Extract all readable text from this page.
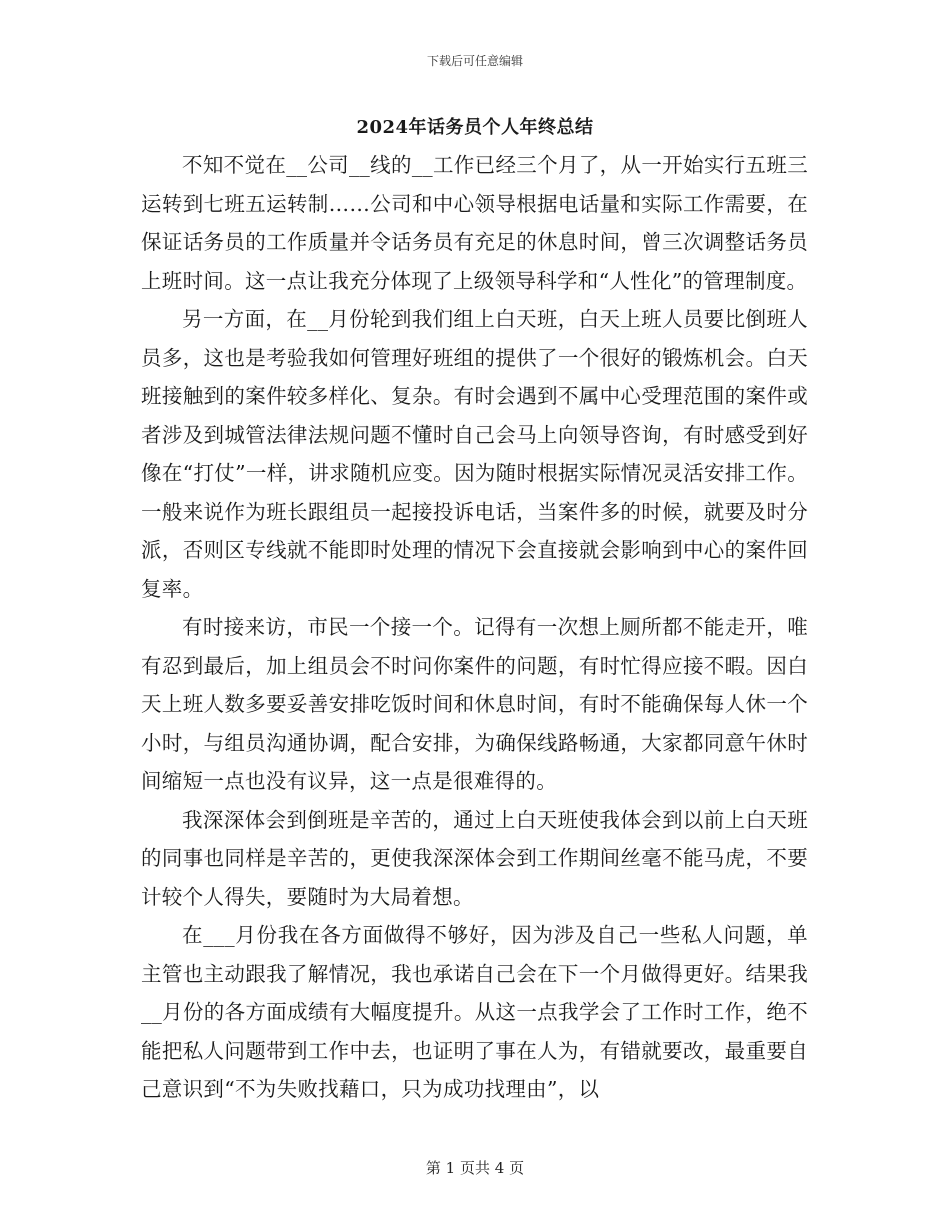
下载后可任意编辑
2024年话务员个人年终总结

不知不觉在__公司__线的__工作已经三个月了，从一开始实行五班三运转到七班五运转制……公司和中心领导根据电话量和实际工作需要，在保证话务员的工作质量并令话务员有充足的休息时间，曾三次调整话务员上班时间。这一点让我充分体现了上级领导科学和“人性化”的管理制度。

另一方面，在__月份轮到我们组上白天班，白天上班人员要比倒班人员多，这也是考验我如何管理好班组的提供了一个很好的锻炼机会。白天班接触到的案件较多样化、复杂。有时会遇到不属中心受理范围的案件或者涉及到城管法律法规问题不懂时自己会马上向领导咨询，有时感受到好像在“打仗”一样，讲求随机应变。因为随时根据实际情况灵活安排工作。一般来说作为班长跟组员一起接投诉电话，当案件多的时候，就要及时分派，否则区专线就不能即时处理的情况下会直接就会影响到中心的案件回复率。

有时接来访，市民一个接一个。记得有一次想上厕所都不能走开，唯有忍到最后，加上组员会不时问你案件的问题，有时忙得应接不暇。因白天上班人数多要妥善安排吃饭时间和休息时间，有时不能确保每人休一个小时，与组员沟通协调，配合安排，为确保线路畅通，大家都同意午休时间缩短一点也没有议异，这一点是很难得的。

我深深体会到倒班是辛苦的，通过上白天班使我体会到以前上白天班的同事也同样是辛苦的，更使我深深体会到工作期间丝毫不能马虎，不要计较个人得失，要随时为大局着想。

在___月份我在各方面做得不够好，因为涉及自己一些私人问题，单主管也主动跟我了解情况，我也承诺自己会在下一个月做得更好。结果我__月份的各方面成绩有大幅度提升。从这一点我学会了工作时工作，绝不能把私人问题带到工作中去，也证明了事在人为，有错就要改，最重要自己意识到“不为失败找藉口，只为成功找理由”，以

第 1 页共 4 页
